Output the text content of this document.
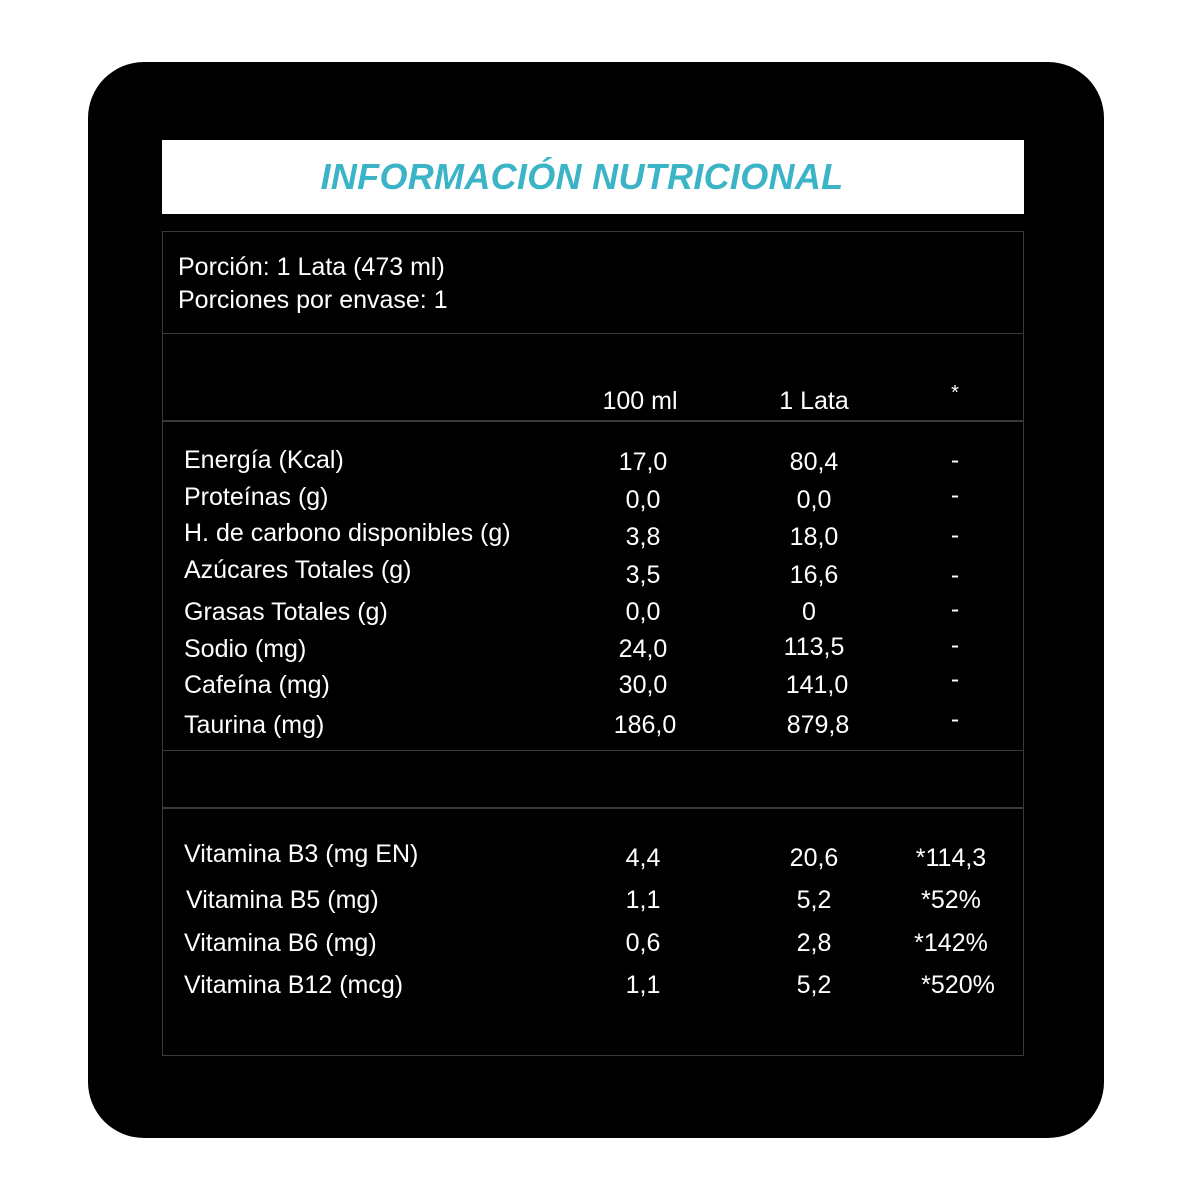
INFORMACIÓN NUTRICIONAL
Porción: 1 Lata (473 ml)
Porciones por envase: 1
100 ml	1 Lata	*
Energía (Kcal)	17,0	80,4	-
Proteínas (g)	0,0	0,0	-
H. de carbono disponibles (g)	3,8	18,0	-
Azúcares Totales (g)	3,5	16,6	-
Grasas Totales (g)	0,0	0	-
Sodio (mg)	24,0	113,5	-
Cafeína (mg)	30,0	141,0	-
Taurina (mg)	186,0	879,8	-
Vitamina B3 (mg EN)	4,4	20,6	*114,3
Vitamina B5 (mg)	1,1	5,2	*52%
Vitamina B6 (mg)	0,6	2,8	*142%
Vitamina B12 (mcg)	1,1	5,2	*520%
